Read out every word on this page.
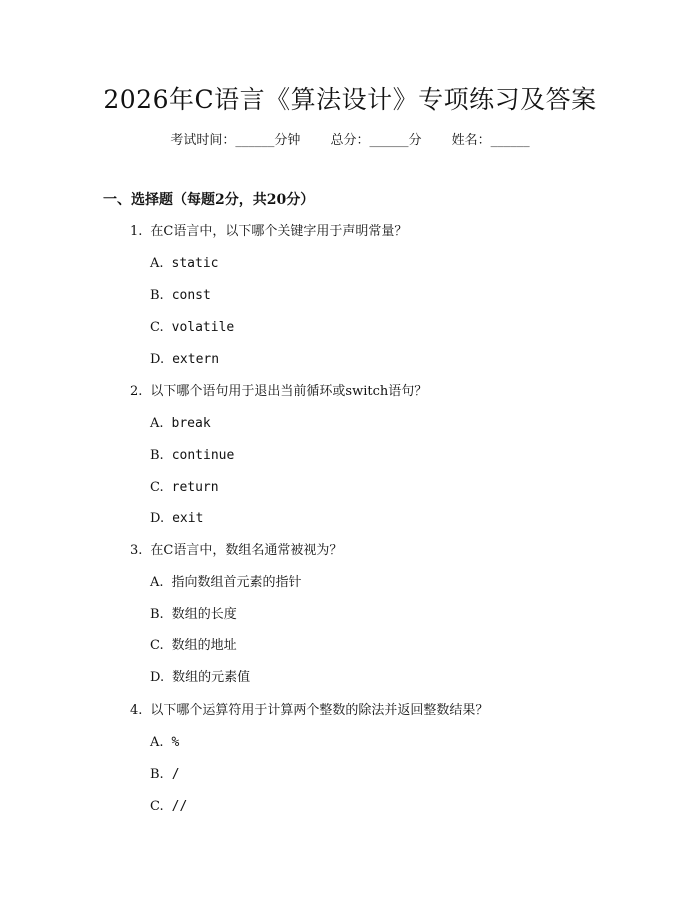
2026年C语言《算法设计》专项练习及答案
考试时间：______分钟 总分：______分 姓名：______
一、选择题（每题2分，共20分）
1. 在C语言中，以下哪个关键字用于声明常量？
A. static
B. const
C. volatile
D. extern
2. 以下哪个语句用于退出当前循环或switch语句？
A. break
B. continue
C. return
D. exit
3. 在C语言中，数组名通常被视为？
A. 指向数组首元素的指针
B. 数组的长度
C. 数组的地址
D. 数组的元素值
4. 以下哪个运算符用于计算两个整数的除法并返回整数结果？
A. %
B. /
C. //
